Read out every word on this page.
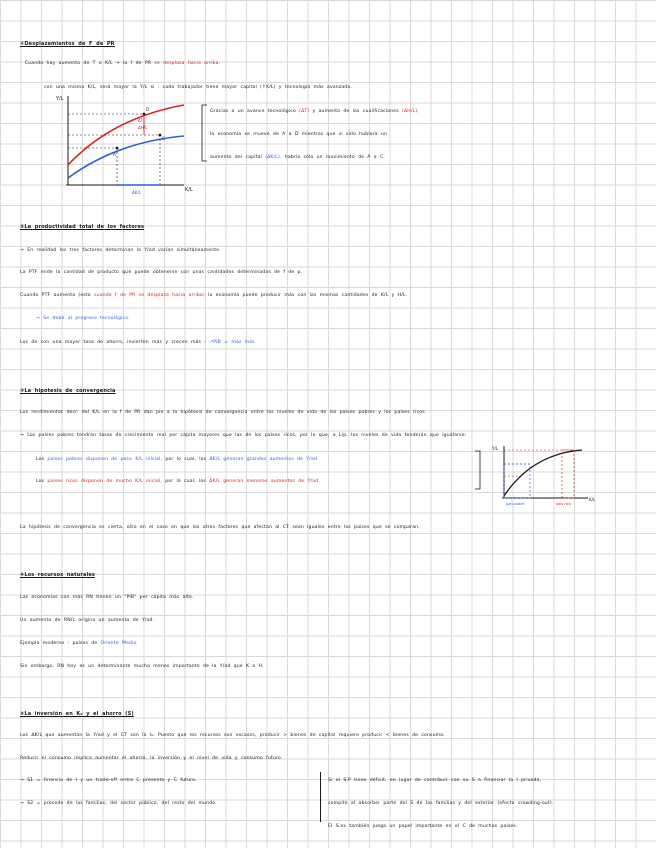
①Desplazamientos de F de PR
· Cuando hay aumento de T o K/L → la f de PR se desplaza hacia arriba.
con una misma K/L, será mayor la Y/L si : cada trabajador tiene mayor capital (↑K/L) y tecnología más avanzada.
Y/L
K/L
ΔT
ΔH/L
ΔK/L
A
C
D	Gracias a un avance tecnológico (ΔT) y aumento de las cualificaciones (ΔH/L),
la economía se mueve de A a D mientras que si solo hubiera un
aumento del capital (ΔK/L), habría sólo un movimiento de A a C.
②La productividad total de los factores
→ En realidad los tres factores determinan la Y/ad varían simultáneamente.
La PTF mide la cantidad de producto que puede obtenerse con unas cantidades determinadas de f de p.
Cuando PTF aumenta (esto cuando f de PR se desplaza hacia arriba) la economía puede producir más con las mismas cantidades de K/L y H/L.
→ Se debe al progreso tecnológico.
Los de con una mayor tasa de ahorro, invierten más y crecen más : ↗PIB = más más
③La hipótesis de convergencia
Los rendimientos decr. del K/L en la f de PR dan pie a la hipótesis de convergencia entre los niveles de vida de los países pobres y los países ricos.
→ Los países pobres tendrán tasas de crecimiento real per capita mayores que las de los países ricos, por lo que, a L/p, los niveles de vida tenderán que igualarse:
Los países pobres disponen de poco K/L inicial, por lo cual, los ΔK/L generan grandes aumentos de Y/ad
Los países ricos disponen de mucho K/L inicial, por lo cual, los ΔK/L generan menores aumentos de Y/ad
Y/L
K/L
país pobre	país rico
La hipótesis de convergencia es cierta, sólo en el caso en que los otros factores que afectan al CT sean iguales entre los países que se comparan.
④Los recursos naturales
Las economías con más RN tienen un "PIB" per cápita más alto.
Un aumento de RN/L origina un aumento de Y/ad.
Ejemplo moderno : países de Oriente Medio.
Sin embargo, RN hoy es un determinante mucho menos importante de la Y/ad que K o H.
⑤La inversión en K₀ y el ahorro (S)
Los ΔK/L que aumentan la Y/ad y el CT son la I₀. Puesto que los recursos son escasos, producir > bienes de capital requiere producir < bienes de consumo.
Reducir el consumo implica aumentar el ahorro, la inversión y el nivel de vida y consumo futuro.
→ S1 = financia de I y un trade-off entre C presente y C futuro.
→ S2 = procede de las familias, del sector público, del resto del mundo.
Si el S.P tiene déficit, en lugar de contribuir con su S a financiar la I privada,
compite al absorber parte del S de las familias y del exterior (efecto crowding-out).
El S.ex también juega un papel importante en el C de muchos países.
